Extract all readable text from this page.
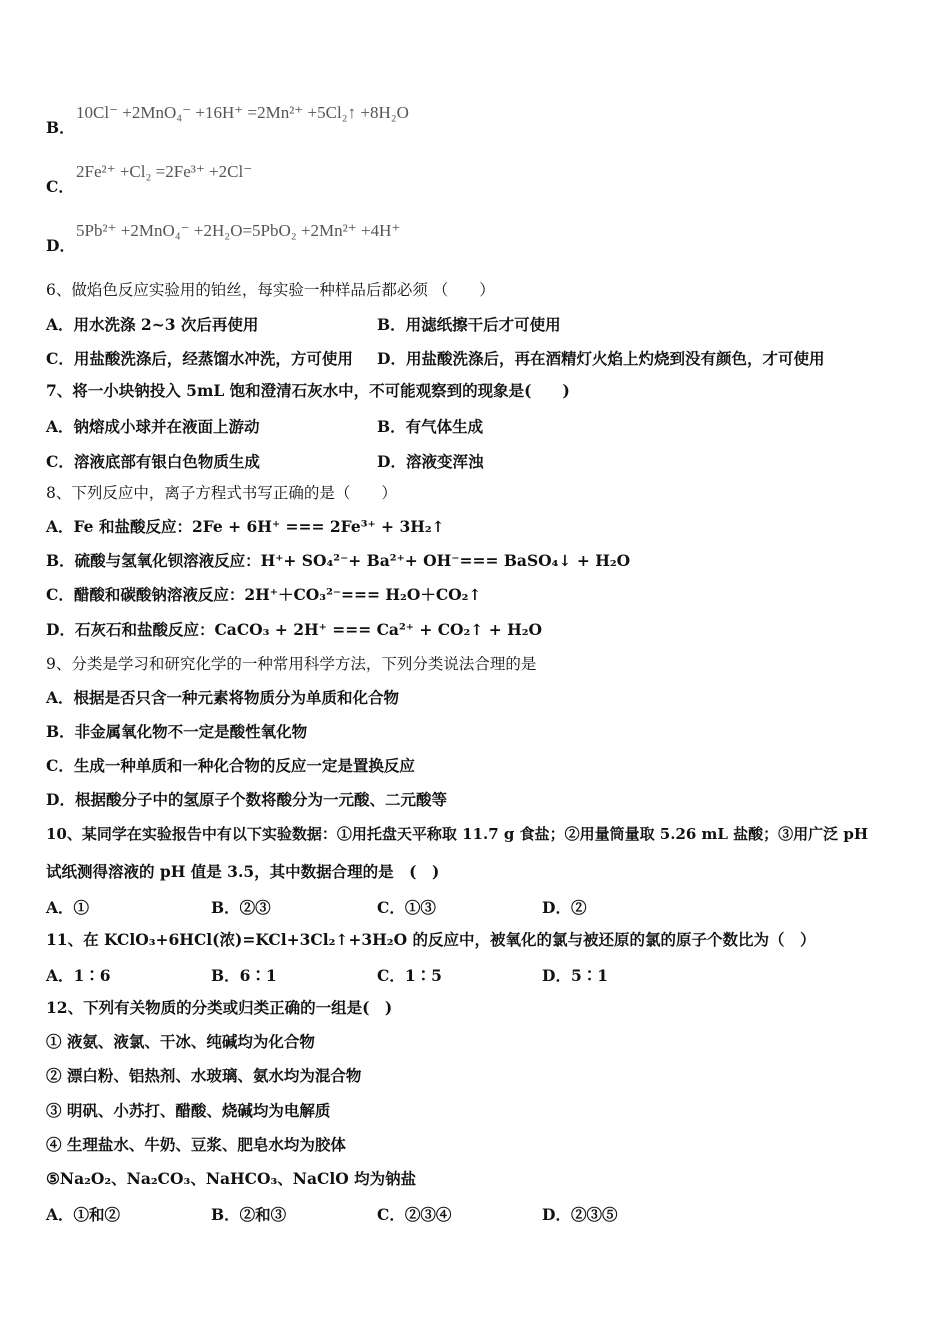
B．
10Cl⁻ +2MnO₄⁻ +16H⁺ =2Mn²⁺ +5Cl₂↑ +8H₂O
C．
2Fe²⁺ +Cl₂ =2Fe³⁺ +2Cl⁻
D．
5Pb²⁺ +2MnO₄⁻ +2H₂O=5PbO₂ +2Mn²⁺ +4H⁺
6、做焰色反应实验用的铂丝，每实验一种样品后都必须 （　　）
A．用水洗涤 2~3 次后再使用	B．用滤纸擦干后才可使用
C．用盐酸洗涤后，经蒸馏水冲洗，方可使用 D．用盐酸洗涤后，再在酒精灯火焰上灼烧到没有颜色，才可使用
7、将一小块钠投入 5mL 饱和澄清石灰水中，不可能观察到的现象是(　　)
A．钠熔成小球并在液面上游动	B．有气体生成
C．溶液底部有银白色物质生成	D．溶液变浑浊
8、下列反应中，离子方程式书写正确的是（　　）
A．Fe 和盐酸反应：2Fe + 6H⁺ === 2Fe³⁺ + 3H₂↑
B．硫酸与氢氧化钡溶液反应：H⁺+ SO₄²⁻+ Ba²⁺+ OH⁻=== BaSO₄↓ + H₂O
C．醋酸和碳酸钠溶液反应：2H⁺＋CO₃²⁻=== H₂O＋CO₂↑
D．石灰石和盐酸反应：CaCO₃ + 2H⁺ === Ca²⁺ + CO₂↑ + H₂O
9、分类是学习和研究化学的一种常用科学方法，下列分类说法合理的是
A．根据是否只含一种元素将物质分为单质和化合物
B．非金属氧化物不一定是酸性氧化物
C．生成一种单质和一种化合物的反应一定是置换反应
D．根据酸分子中的氢原子个数将酸分为一元酸、二元酸等
10、某同学在实验报告中有以下实验数据：①用托盘天平称取 11.7 g 食盐；②用量筒量取 5.26 mL 盐酸；③用广泛 pH
试纸测得溶液的 pH 值是 3.5，其中数据合理的是　(　)
A．①	B．②③	C．①③	D．②
11、在 KClO₃+6HCl(浓)=KCl+3Cl₂↑+3H₂O 的反应中，被氧化的氯与被还原的氯的原子个数比为（　）
A．1∶6	B．6∶1	C．1∶5	D．5∶1
12、下列有关物质的分类或归类正确的一组是(　)
① 液氨、液氯、干冰、纯碱均为化合物
② 漂白粉、铝热剂、水玻璃、氨水均为混合物
③ 明矾、小苏打、醋酸、烧碱均为电解质
④ 生理盐水、牛奶、豆浆、肥皂水均为胶体
⑤Na₂O₂、Na₂CO₃、NaHCO₃、NaClO 均为钠盐
A．①和②	B．②和③	C．②③④	D．②③⑤
